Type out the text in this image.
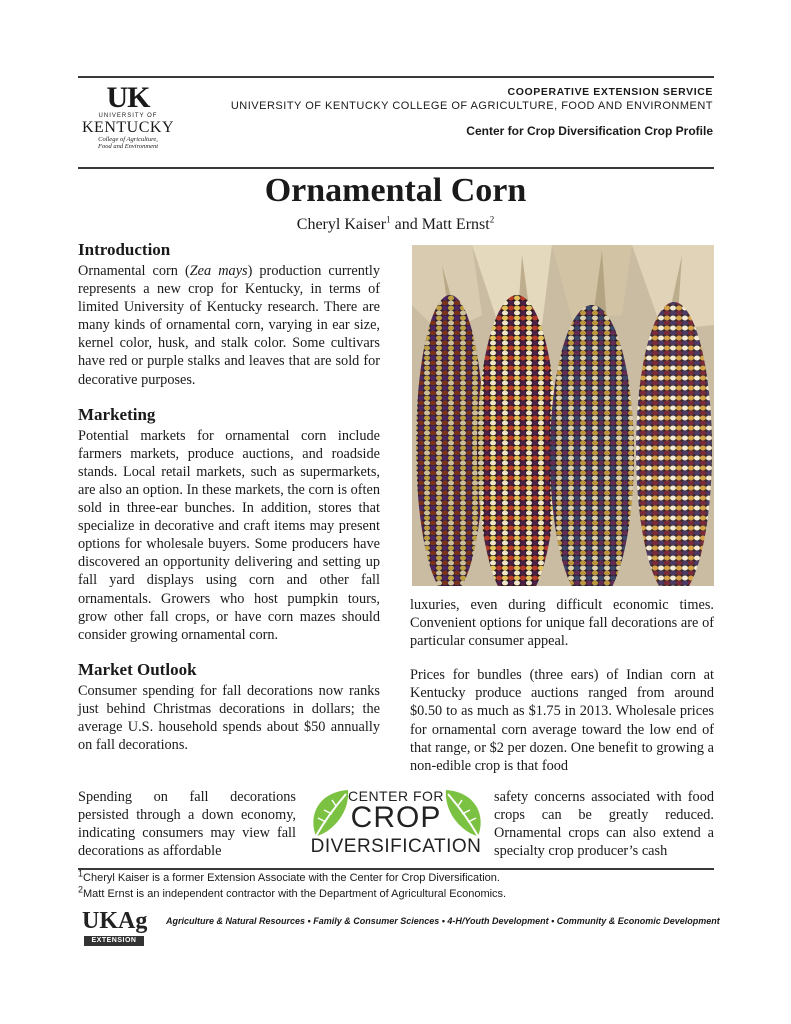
UK
UNIVERSITY OF
KENTUCKY
College of Agriculture,
Food and Environment
COOPERATIVE EXTENSION SERVICE
UNIVERSITY OF KENTUCKY COLLEGE OF AGRICULTURE, FOOD AND ENVIRONMENT
Center for Crop Diversification Crop Profile
Ornamental Corn
Cheryl Kaiser$^1$ and Matt Ernst$^2$
Introduction

Ornamental corn (Zea mays) production currently represents a new crop for Kentucky, in terms of limited University of Kentucky research. There are many kinds of ornamental corn, varying in ear size, kernel color, husk, and stalk color. Some cultivars have red or purple stalks and leaves that are sold for decorative purposes.

Marketing

Potential markets for ornamental corn include farmers markets, produce auctions, and roadside stands. Local retail markets, such as supermarkets, are also an option. In these markets, the corn is often sold in three-ear bunches. In addition, stores that specialize in decorative and craft items may present options for wholesale buyers. Some producers have discovered an opportunity delivering and setting up fall yard displays using corn and other fall ornamentals. Growers who host pumpkin tours, grow other fall crops, or have corn mazes should consider growing ornamental corn.

Market Outlook

Consumer spending for fall decorations now ranks just behind Christmas decorations in dollars; the average U.S. household spends about $50 annually on fall decorations.

Spending on fall decorations persisted through a down economy, indicating consumers may view fall decorations as affordable

luxuries, even during difficult economic times. Convenient options for unique fall decorations are of particular consumer appeal.

Prices for bundles (three ears) of Indian corn at Kentucky produce auctions ranged from around $0.50 to as much as $1.75 in 2013. Wholesale prices for ornamental corn average toward the low end of that range, or $2 per dozen. One benefit to growing a non-edible crop is that food

safety concerns associated with food crops can be greatly reduced. Ornamental crops can also extend a specialty crop producer’s cash
CENTER FOR
CROP
DIVERSIFICATION
$^1$Cheryl Kaiser is a former Extension Associate with the Center for Crop Diversification.
$^2$Matt Ernst is an independent contractor with the Department of Agricultural Economics.
UKAg
EXTENSION
Agriculture & Natural Resources • Family & Consumer Sciences • 4-H/Youth Development • Community & Economic Development
